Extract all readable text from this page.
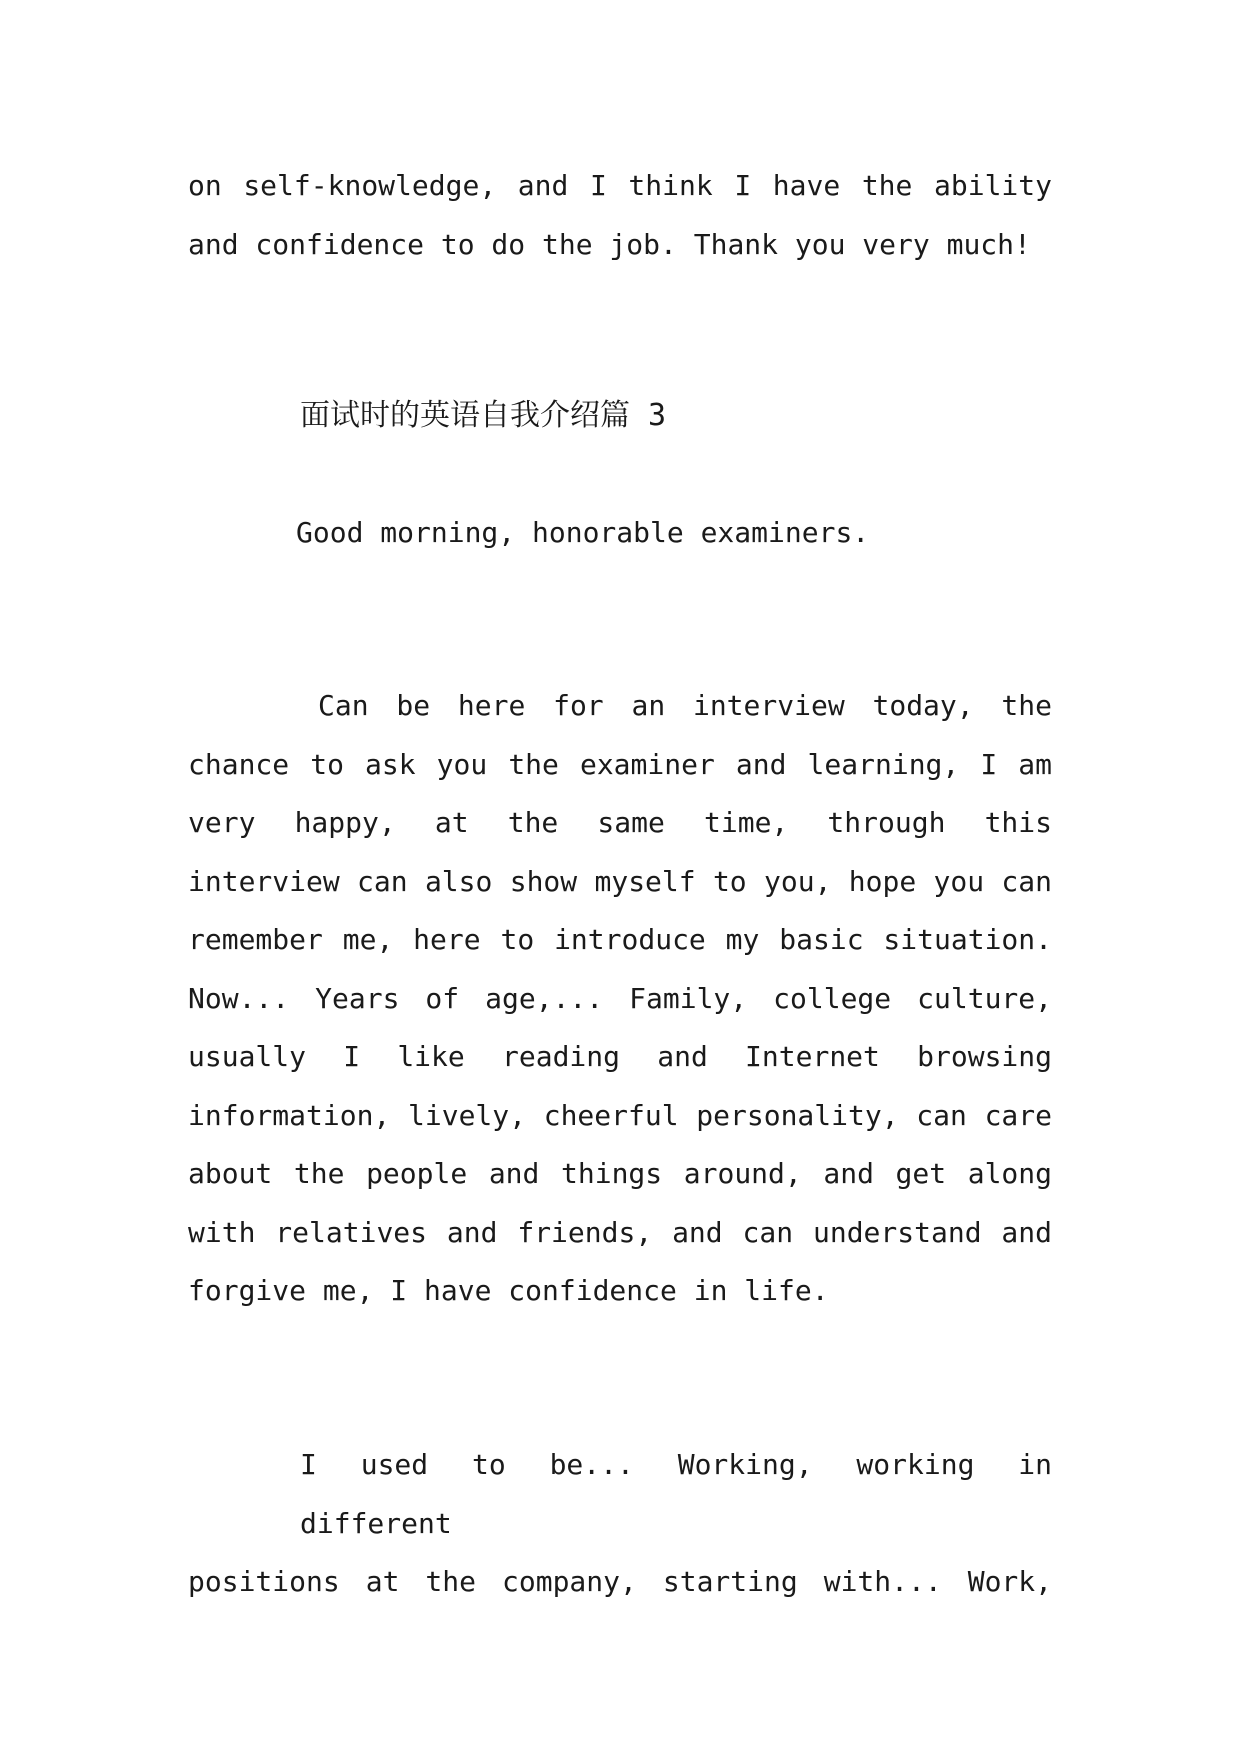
on self-knowledge, and I think I have the ability
and confidence to do the job. Thank you very much!
面试时的英语自我介绍篇 3

Good morning, honorable examiners.

Can be here for an interview today, the
chance to ask you the examiner and learning, I am
very happy, at the same time, through this
interview can also show myself to you, hope you can
remember me, here to introduce my basic situation.
Now... Years of age,... Family, college culture,
usually I like reading and Internet browsing
information, lively, cheerful personality, can care
about the people and things around, and get along
with relatives and friends, and can understand and
forgive me, I have confidence in life.
I used to be... Working, working in different
positions at the company, starting with... Work,
